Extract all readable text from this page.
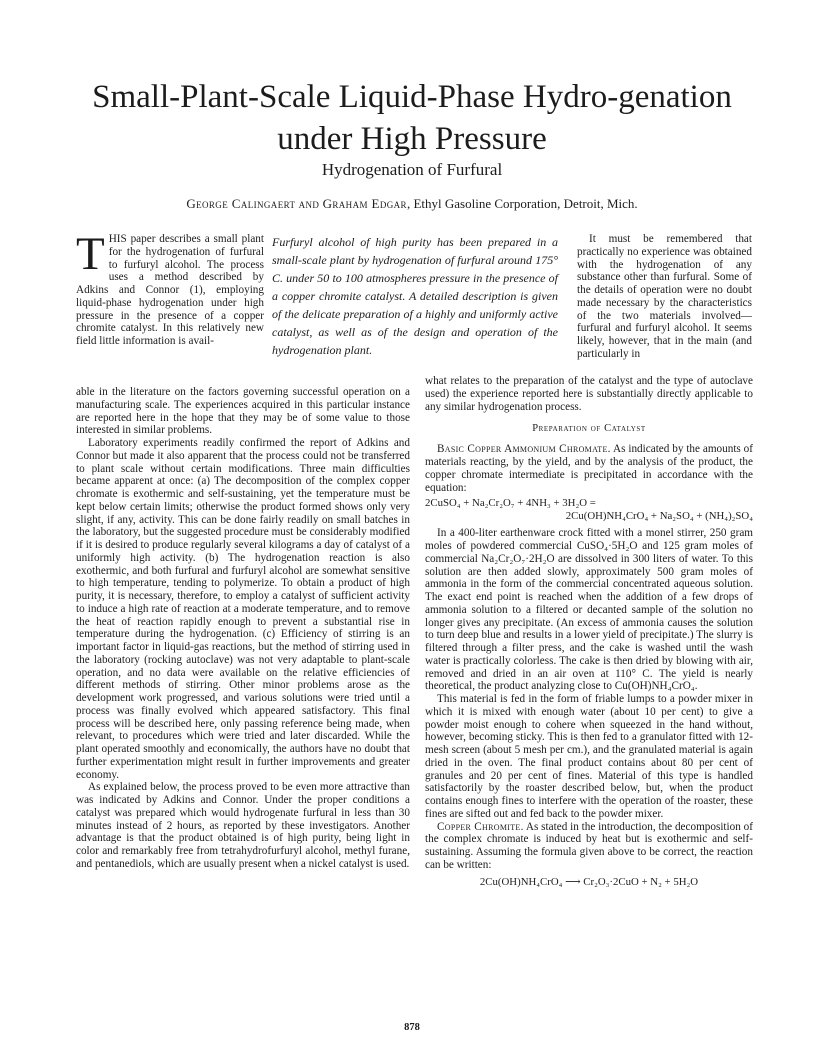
Small-Plant-Scale Liquid-Phase Hydro-genation under High Pressure
Hydrogenation of Furfural

George Calingaert and Graham Edgar, Ethyl Gasoline Corporation, Detroit, Mich.

THIS paper describes a small plant for the hydrogenation of furfural to furfuryl alcohol. The process uses a method described by Adkins and Connor (1), employing liquid-phase hydrogenation under high pressure in the presence of a copper chromite catalyst. In this relatively new field little information is avail-

Furfuryl alcohol of high purity has been prepared in a small-scale plant by hydrogenation of furfural around 175° C. under 50 to 100 atmospheres pressure in the presence of a copper chromite catalyst. A detailed description is given of the delicate preparation of a highly and uniformly active catalyst, as well as of the design and operation of the hydrogenation plant.

It must be remembered that practically no experience was obtained with the hydrogenation of any substance other than furfural. Some of the details of operation were no doubt made necessary by the characteristics of the two materials involved—furfural and furfuryl alcohol. It seems likely, however, that in the main (and particularly in

able in the literature on the factors governing successful operation on a manufacturing scale. The experiences acquired in this particular instance are reported here in the hope that they may be of some value to those interested in similar problems.

Laboratory experiments readily confirmed the report of Adkins and Connor but made it also apparent that the process could not be transferred to plant scale without certain modifications. Three main difficulties became apparent at once: (a) The decomposition of the complex copper chromate is exothermic and self-sustaining, yet the temperature must be kept below certain limits; otherwise the product formed shows only very slight, if any, activity. This can be done fairly readily on small batches in the laboratory, but the suggested procedure must be considerably modified if it is desired to produce regularly several kilograms a day of catalyst of a uniformly high activity. (b) The hydrogenation reaction is also exothermic, and both furfural and furfuryl alcohol are somewhat sensitive to high temperature, tending to polymerize. To obtain a product of high purity, it is necessary, therefore, to employ a catalyst of sufficient activity to induce a high rate of reaction at a moderate temperature, and to remove the heat of reaction rapidly enough to prevent a substantial rise in temperature during the hydrogenation. (c) Efficiency of stirring is an important factor in liquid-gas reactions, but the method of stirring used in the laboratory (rocking autoclave) was not very adaptable to plant-scale operation, and no data were available on the relative efficiencies of different methods of stirring. Other minor problems arose as the development work progressed, and various solutions were tried until a process was finally evolved which appeared satisfactory. This final process will be described here, only passing reference being made, when relevant, to procedures which were tried and later discarded. While the plant operated smoothly and economically, the authors have no doubt that further experimentation might result in further improvements and greater economy.

As explained below, the process proved to be even more attractive than was indicated by Adkins and Connor. Under the proper conditions a catalyst was prepared which would hydrogenate furfural in less than 30 minutes instead of 2 hours, as reported by these investigators. Another advantage is that the product obtained is of high purity, being light in color and remarkably free from tetrahydrofurfuryl alcohol, methyl furane, and pentanediols, which are usually present when a nickel catalyst is used.

what relates to the preparation of the catalyst and the type of autoclave used) the experience reported here is substantially directly applicable to any similar hydrogenation process.

Preparation of Catalyst

Basic Copper Ammonium Chromate. As indicated by the amounts of materials reacting, by the yield, and by the analysis of the product, the copper chromate intermediate is precipitated in accordance with the equation:

2CuSO₄ + Na₂Cr₂O₇ + 4NH₃ + 3H₂O =
2Cu(OH)NH₄CrO₄ + Na₂SO₄ + (NH₄)₂SO₄

In a 400-liter earthenware crock fitted with a monel stirrer, 250 gram moles of powdered commercial CuSO₄·5H₂O and 125 gram moles of commercial Na₂Cr₂O₇·2H₂O are dissolved in 300 liters of water. To this solution are then added slowly, approximately 500 gram moles of ammonia in the form of the commercial concentrated aqueous solution. The exact end point is reached when the addition of a few drops of ammonia solution to a filtered or decanted sample of the solution no longer gives any precipitate. (An excess of ammonia causes the solution to turn deep blue and results in a lower yield of precipitate.) The slurry is filtered through a filter press, and the cake is washed until the wash water is practically colorless. The cake is then dried by blowing with air, removed and dried in an air oven at 110° C. The yield is nearly theoretical, the product analyzing close to Cu(OH)NH₄CrO₄.

This material is fed in the form of friable lumps to a powder mixer in which it is mixed with enough water (about 10 per cent) to give a powder moist enough to cohere when squeezed in the hand without, however, becoming sticky. This is then fed to a granulator fitted with 12-mesh screen (about 5 mesh per cm.), and the granulated material is again dried in the oven. The final product contains about 80 per cent of granules and 20 per cent of fines. Material of this type is handled satisfactorily by the roaster described below, but, when the product contains enough fines to interfere with the operation of the roaster, these fines are sifted out and fed back to the powder mixer.

Copper Chromite. As stated in the introduction, the decomposition of the complex chromate is induced by heat but is exothermic and self-sustaining. Assuming the formula given above to be correct, the reaction can be written:

2Cu(OH)NH₄CrO₄ ⟶ Cr₂O₃·2CuO + N₂ + 5H₂O

878
